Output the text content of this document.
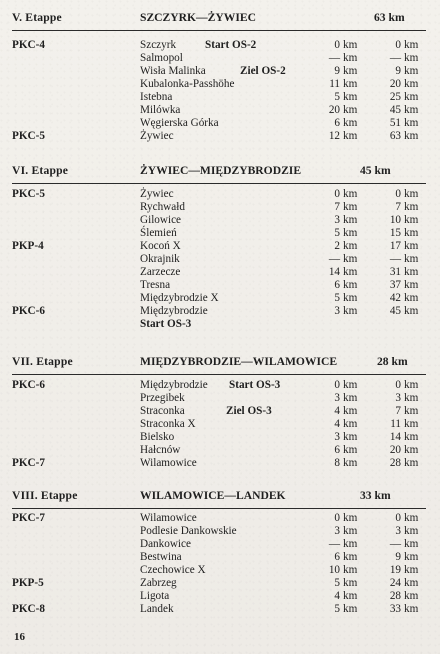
V. Etappe	SZCZYRK—ŻYWIEC	63 km
PKC-4	Szczyrk	Start OS-2	0 km	0 km
Salmopol	— km	— km
Wisła Malinka	Ziel OS-2	9 km	9 km
Kubalonka-Passhöhe	11 km	20 km
Istebna	5 km	25 km
Milówka	20 km	45 km
Węgierska Górka	6 km	51 km
PKC-5	Żywiec	12 km	63 km
VI. Etappe	ŻYWIEC—MIĘDZYBRODZIE	45 km
PKC-5	Żywiec	0 km	0 km
Rychwałd	7 km	7 km
Gilowice	3 km	10 km
Ślemień	5 km	15 km
PKP-4	Kocoń X	2 km	17 km
Okrajnik	— km	— km
Zarzecze	14 km	31 km
Tresna	6 km	37 km
Międzybrodzie X	5 km	42 km
PKC-6	Międzybrodzie	3 km	45 km
Start OS-3
VII. Etappe	MIĘDZYBRODZIE—WILAMOWICE	28 km
PKC-6	Międzybrodzie	Start OS-3	0 km	0 km
Przegibek	3 km	3 km
Straconka	Ziel OS-3	4 km	7 km
Straconka X	4 km	11 km
Bielsko	3 km	14 km
Hałcnów	6 km	20 km
PKC-7	Wilamowice	8 km	28 km
VIII. Etappe	WILAMOWICE—LANDEK	33 km
PKC-7	Wilamowice	0 km	0 km
Podlesie Dankowskie	3 km	3 km
Dankowice	— km	— km
Bestwina	6 km	9 km
Czechowice X	10 km	19 km
PKP-5	Zabrzeg	5 km	24 km
Ligota	4 km	28 km
PKC-8	Landek	5 km	33 km
16
